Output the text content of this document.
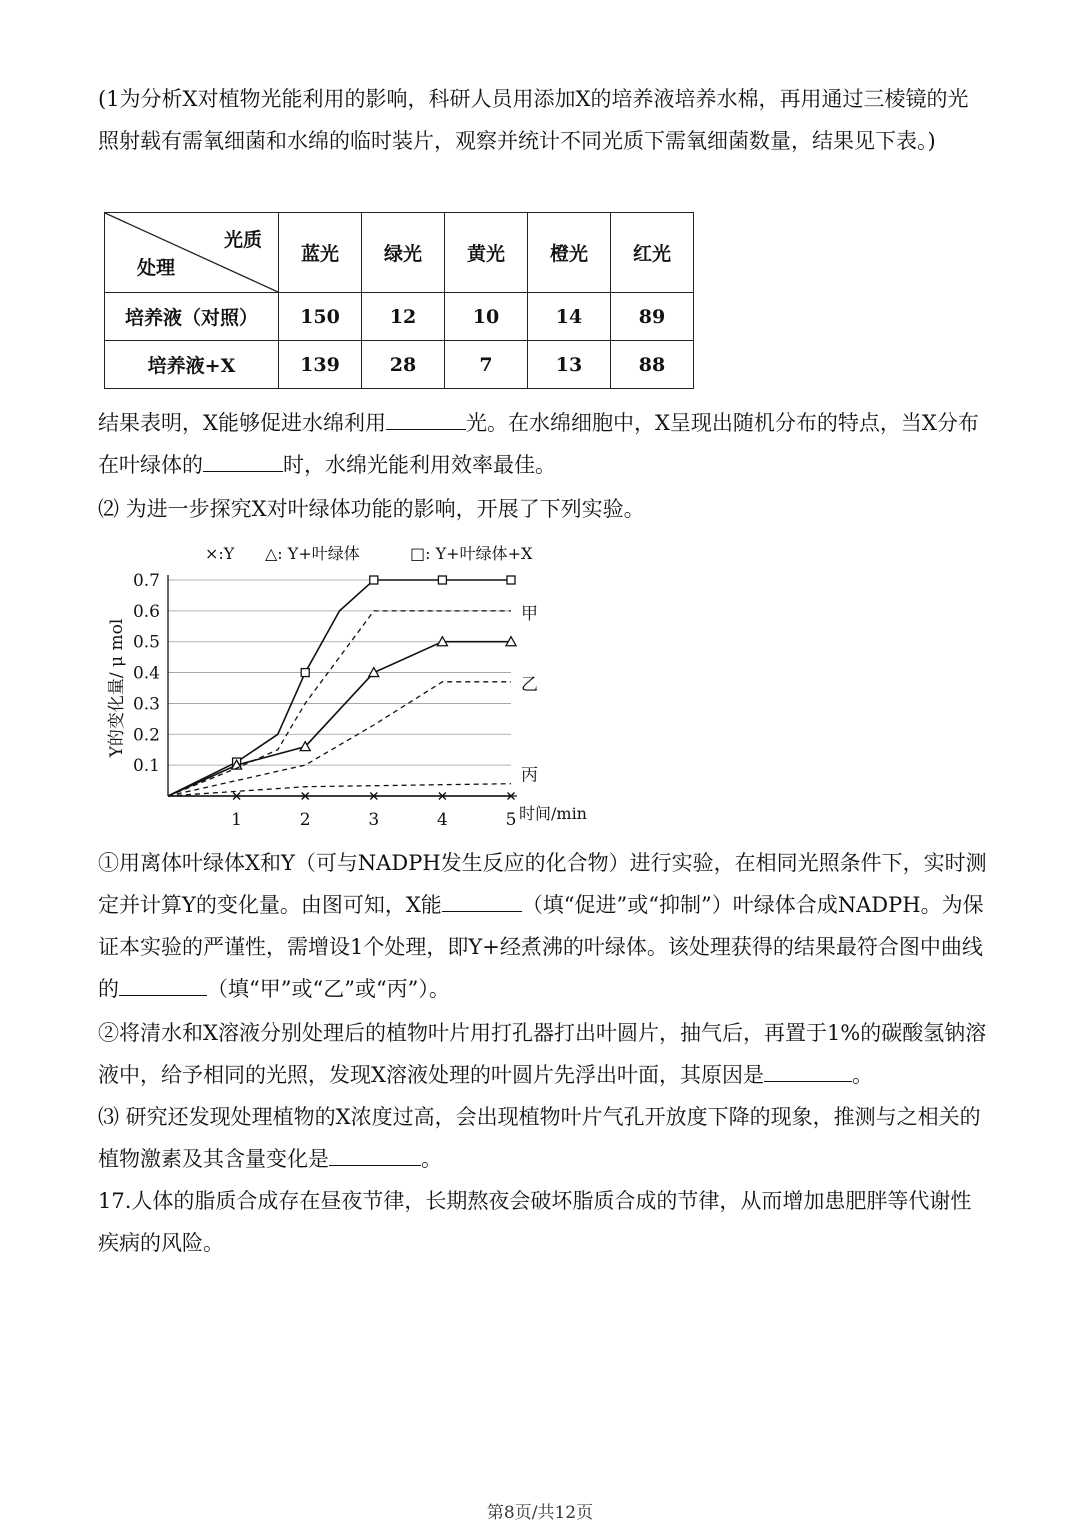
(1为分析X对植物光能利用的影响，科研人员用添加X的培养液培养水棉，再用通过三棱镜的光照射载有需氧细菌和水绵的临时装片，观察并统计不同光质下需氧细菌数量，结果见下表。)

光质
处理	蓝光	绿光	黄光	橙光	红光
培养液（对照）	150	12	10	14	89
培养液+X	139	28	7	13	88

结果表明，X能够促进水绵利用	光。在水绵细胞中，X呈现出随机分布的特点，当X分布在叶绿体的	时，水绵光能利用效率最佳。

⑵ 为进一步探究X对叶绿体功能的影响，开展了下列实验。

0.1
0.2
0.3
0.4
0.5
0.6
0.7
1	2	3	4	5 时间/min
Y的变化量/ μ mol
×:Y △: Y+叶绿体	□: Y+叶绿体+X
甲
乙
丙

①用离体叶绿体X和Y（可与NADPH发生反应的化合物）进行实验，在相同光照条件下，实时测定并计算Y的变化量。由图可知，X能	（填“促进”或“抑制”）叶绿体合成NADPH。为保证本实验的严谨性，需增设1个处理，即Y+经煮沸的叶绿体。该处理获得的结果最符合图中曲线的	（填“甲”或“乙”或“丙”）。

②将清水和X溶液分别处理后的植物叶片用打孔器打出叶圆片，抽气后，再置于1%的碳酸氢钠溶液中，给予相同的光照，发现X溶液处理的叶圆片先浮出叶面，其原因是	。

⑶ 研究还发现处理植物的X浓度过高，会出现植物叶片气孔开放度下降的现象，推测与之相关的植物激素及其含量变化是	。

17.人体的脂质合成存在昼夜节律，长期熬夜会破坏脂质合成的节律，从而增加患肥胖等代谢性疾病的风险。

第8页/共12页
